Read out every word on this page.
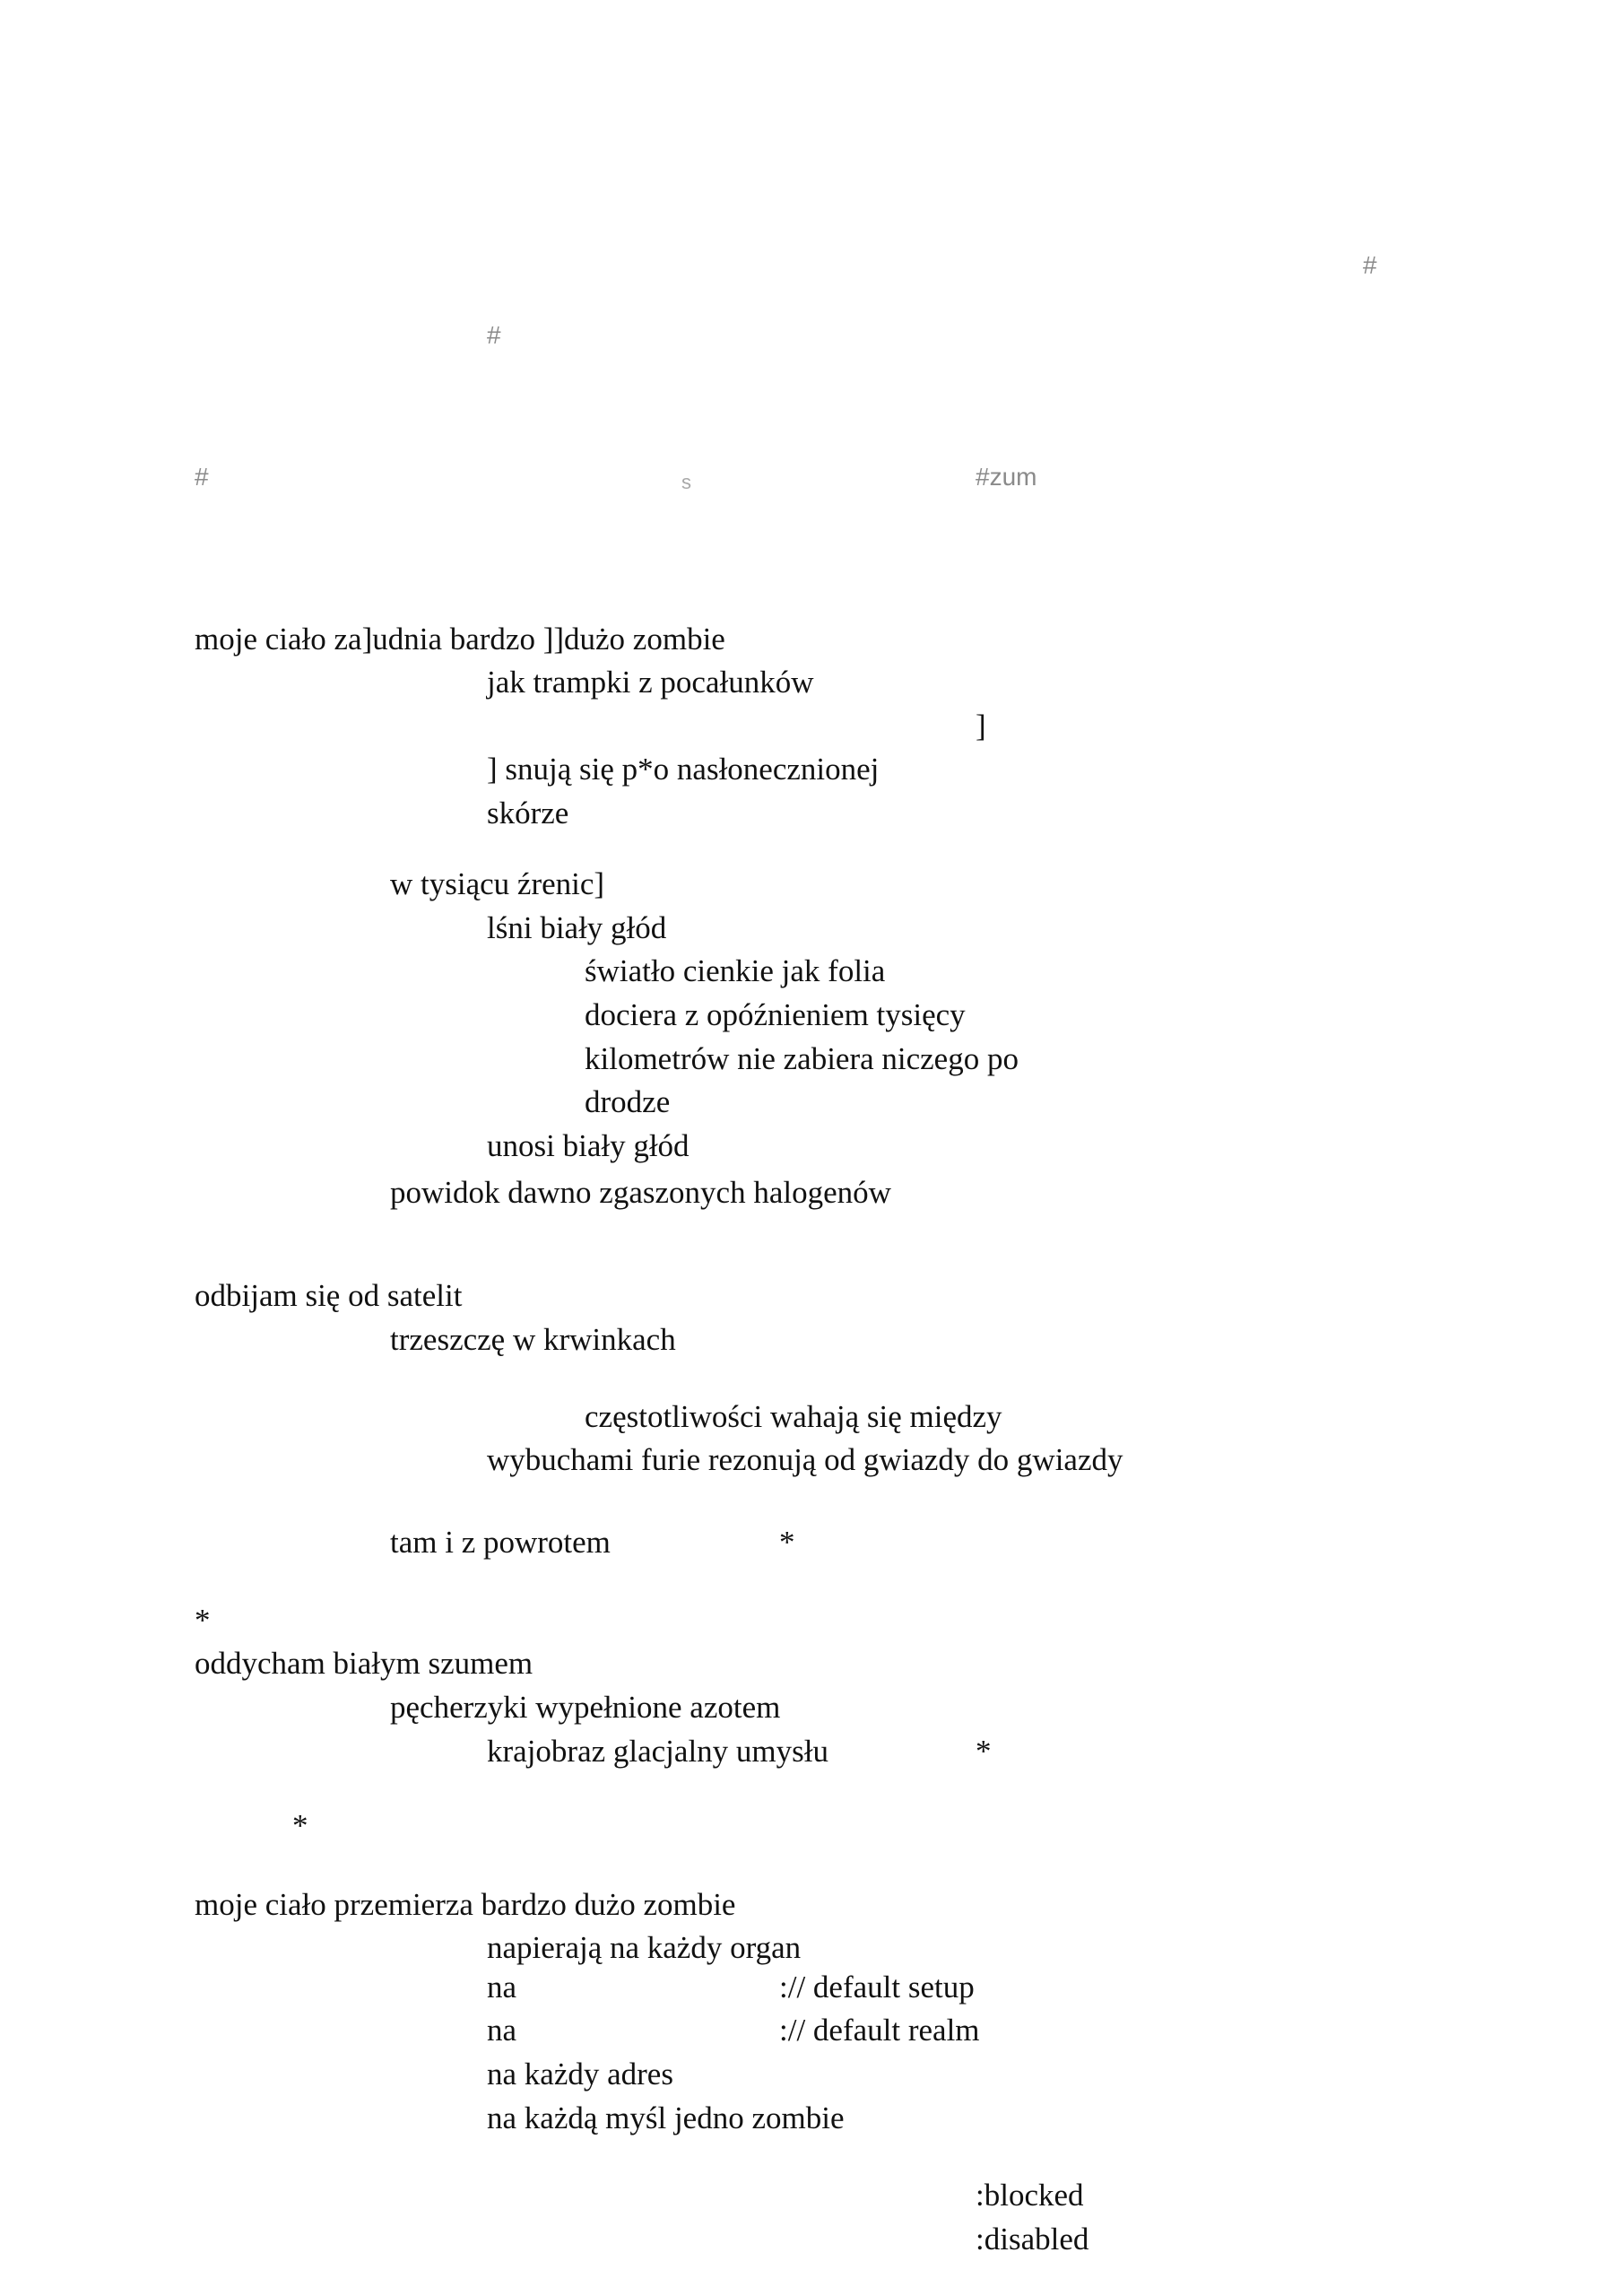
#
#
#	s	#zum
moje ciało za]udnia bardzo ]]dużo zombie
jak trampki z pocałunków
]
] snują się p*o nasłonecznionej
skórze
w tysiącu źrenic]
lśni biały głód
światło cienkie jak folia
dociera z opóźnieniem tysięcy
kilometrów nie zabiera niczego po
drodze
unosi biały głód
powidok dawno zgaszonych halogenów
odbijam się od satelit
trzeszczę w krwinkach
częstotliwości wahają się między
wybuchami furie rezonują od gwiazdy do gwiazdy
tam i z powrotem	*
*
oddycham białym szumem
pęcherzyki wypełnione azotem
krajobraz glacjalny umysłu	*
*
moje ciało przemierza bardzo dużo zombie
napierają na każdy organ
na	:// default setup
na	:// default realm
na każdy adres
na każdą myśl jedno zombie
:blocked
:disabled
